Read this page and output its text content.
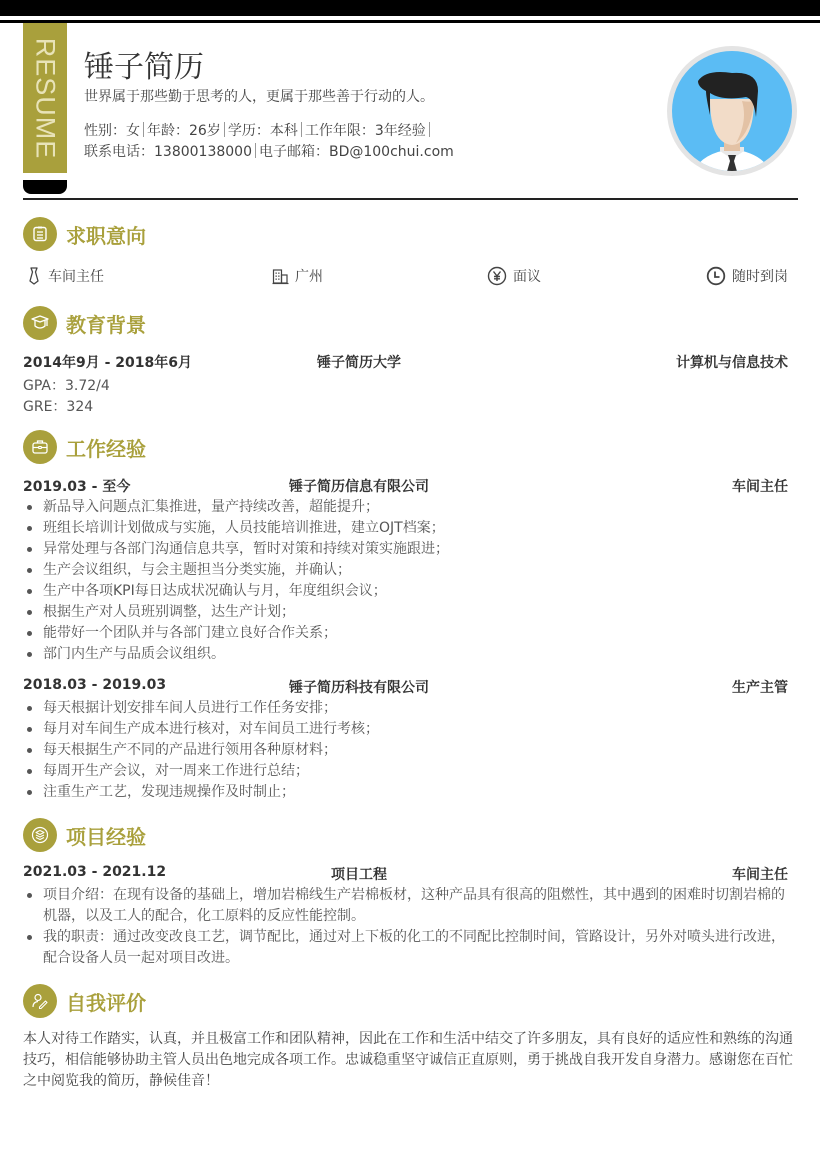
RESUME 锤子简历
世界属于那些勤于思考的人，更属于那些善于行动的人。
性别：女 年龄：26岁 学历：本科 工作年限：3年经验
联系电话：13800138000 电子邮箱：BD@100chui.com
求职意向
车间主任	广州	面议	随时到岗
教育背景
2014年9月 - 2018年6月	锤子简历大学	计算机与信息技术
GPA：3.72/4
GRE：324
工作经验
2019.03 - 至今	锤子简历信息有限公司	车间主任
新品导入问题点汇集推进，量产持续改善，超能提升；
班组长培训计划做成与实施，人员技能培训推进，建立OJT档案；
异常处理与各部门沟通信息共享，暂时对策和持续对策实施跟进；
生产会议组织，与会主题担当分类实施，并确认；
生产中各项KPI每日达成状况确认与月，年度组织会议；
根据生产对人员班别调整，达生产计划；
能带好一个团队并与各部门建立良好合作关系；
部门内生产与品质会议组织。
2018.03 - 2019.03	锤子简历科技有限公司	生产主管
每天根据计划安排车间人员进行工作任务安排；
每月对车间生产成本进行核对，对车间员工进行考核；
每天根据生产不同的产品进行领用各种原材料；
每周开生产会议，对一周来工作进行总结；
注重生产工艺，发现违规操作及时制止；
项目经验
2021.03 - 2021.12	项目工程	车间主任
项目介绍：在现有设备的基础上，增加岩棉线生产岩棉板材，这种产品具有很高的阻燃性，其中遇到的困难时切割岩棉的机器，以及工人的配合，化工原料的反应性能控制。
我的职责：通过改变改良工艺，调节配比，通过对上下板的化工的不同配比控制时间，管路设计，另外对喷头进行改进，配合设备人员一起对项目改进。
自我评价

本人对待工作踏实，认真，并且极富工作和团队精神，因此在工作和生活中结交了许多朋友，具有良好的适应性和熟练的沟通技巧，相信能够协助主管人员出色地完成各项工作。忠诚稳重坚守诚信正直原则，勇于挑战自我开发自身潜力。感谢您在百忙之中阅览我的简历，静候佳音！
